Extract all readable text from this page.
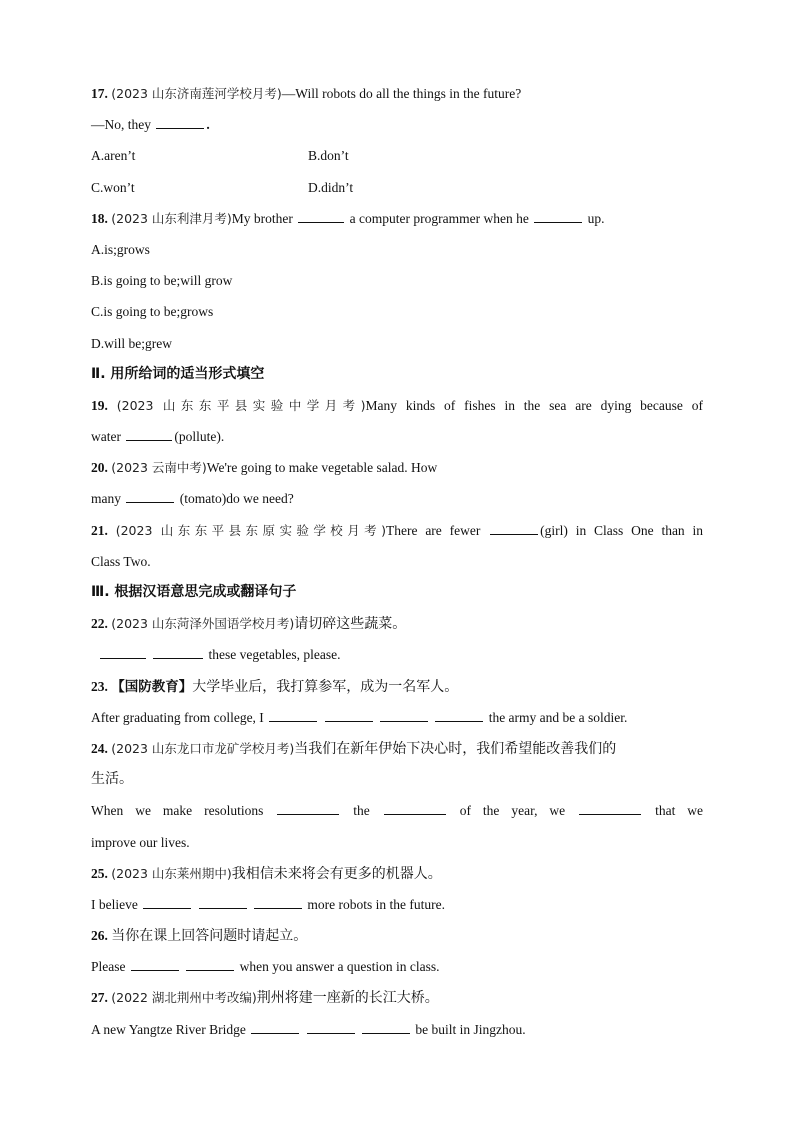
17. (2023 山东济南莲河学校月考)—Will robots do all the things in the future?
—No, they	.
A.aren’t	B.don’t
C.won’t	D.didn’t
18. (2023 山东利津月考)My brother	a computer programmer when he	up.
A.is;grows
B.is going to be;will grow
C.is going to be;grows
D.will be;grew
Ⅱ. 用所给词的适当形式填空
19. (2023 山东东平县实验中学月考)Many kinds of fishes in the sea are dying because of
water	(pollute).
20. (2023 云南中考)We're going to make vegetable salad. How
many	(tomato)do we need?
21. (2023 山东东平县东原实验学校月考)There are fewer	(girl) in Class One than in
Class Two.
Ⅲ. 根据汉语意思完成或翻译句子
22. (2023 山东菏泽外国语学校月考)请切碎这些蔬菜。
these vegetables, please.
23. 【国防教育】大学毕业后，我打算参军，成为一名军人。
After graduating from college, I	the army and be a soldier.
24. (2023 山东龙口市龙矿学校月考)当我们在新年伊始下决心时，我们希望能改善我们的
生活。
When we make resolutions	the	of the year, we	that we
improve our lives.
25. (2023 山东莱州期中)我相信未来将会有更多的机器人。
I believe	more robots in the future.
26. 当你在课上回答问题时请起立。
Please	when you answer a question in class.
27. (2022 湖北荆州中考改编)荆州将建一座新的长江大桥。
A new Yangtze River Bridge	be built in Jingzhou.
